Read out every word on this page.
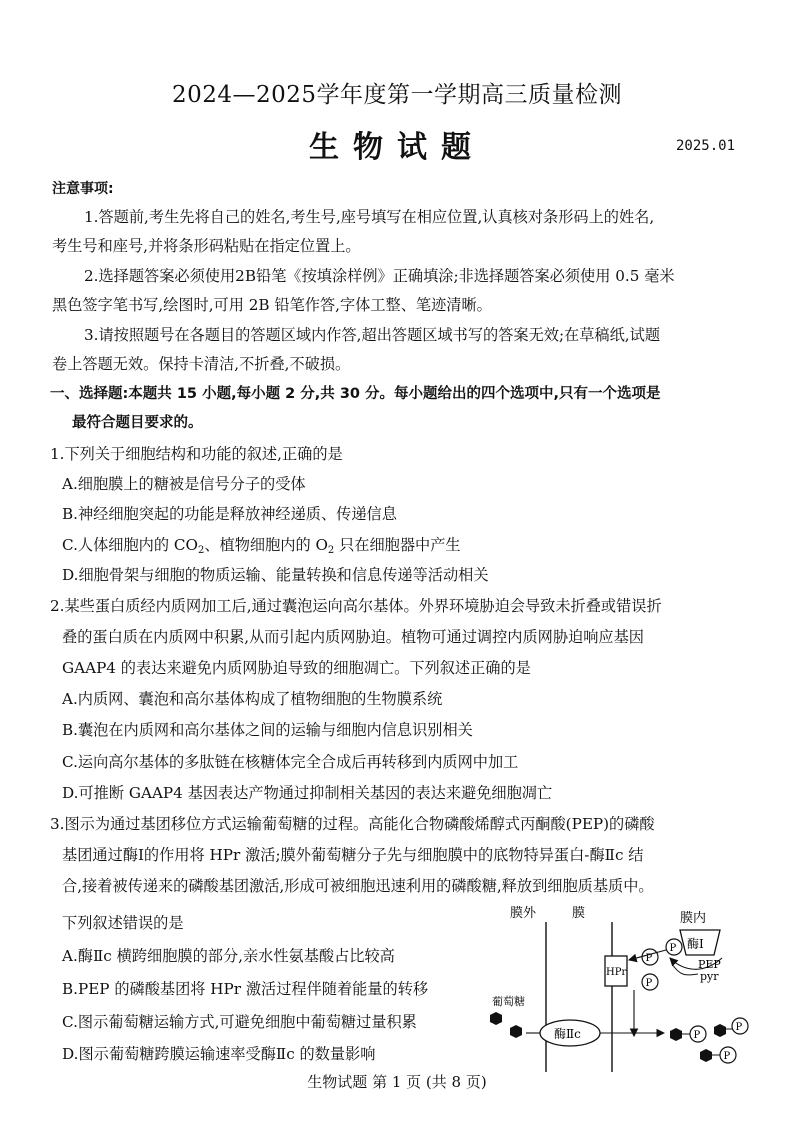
2024—2025学年度第一学期高三质量检测
生物试题	2025.01
注意事项:
1.答题前,考生先将自己的姓名,考生号,座号填写在相应位置,认真核对条形码上的姓名,
考生号和座号,并将条形码粘贴在指定位置上。
2.选择题答案必须使用2B铅笔《按填涂样例》正确填涂;非选择题答案必须使用 0.5 毫米
黑色签字笔书写,绘图时,可用 2B 铅笔作答,字体工整、笔迹清晰。
3.请按照题号在各题目的答题区域内作答,超出答题区域书写的答案无效;在草稿纸,试题
卷上答题无效。保持卡清洁,不折叠,不破损。
一、选择题:本题共 15 小题,每小题 2 分,共 30 分。每小题给出的四个选项中,只有一个选项是
最符合题目要求的。
1.下列关于细胞结构和功能的叙述,正确的是
A.细胞膜上的糖被是信号分子的受体
B.神经细胞突起的功能是释放神经递质、传递信息
C.人体细胞内的 $CO_2$、植物细胞内的 $O_2$ 只在细胞器中产生
D.细胞骨架与细胞的物质运输、能量转换和信息传递等活动相关
2.某些蛋白质经内质网加工后,通过囊泡运向高尔基体。外界环境胁迫会导致未折叠或错误折
叠的蛋白质在内质网中积累,从而引起内质网胁迫。植物可通过调控内质网胁迫响应基因
GAAP4 的表达来避免内质网胁迫导致的细胞凋亡。下列叙述正确的是
A.内质网、囊泡和高尔基体构成了植物细胞的生物膜系统
B.囊泡在内质网和高尔基体之间的运输与细胞内信息识别相关
C.运向高尔基体的多肽链在核糖体完全合成后再转移到内质网中加工
D.可推断 GAAP4 基因表达产物通过抑制相关基因的表达来避免细胞凋亡
3.图示为通过基团移位方式运输葡萄糖的过程。高能化合物磷酸烯醇式丙酮酸(PEP)的磷酸
基团通过酶Ⅰ的作用将 HPr 激活;膜外葡萄糖分子先与细胞膜中的底物特异蛋白-酶Ⅱc 结
合,接着被传递来的磷酸基团激活,形成可被细胞迅速利用的磷酸糖,释放到细胞质基质中。
下列叙述错误的是
A.酶Ⅱc 横跨细胞膜的部分,亲水性氨基酸占比较高
B.PEP 的磷酸基团将 HPr 激活过程伴随着能量的转移
C.图示葡萄糖运输方式,可避免细胞中葡萄糖过量积累
D.图示葡萄糖跨膜运输速率受酶Ⅱc 的数量影响
膜外	膜	膜内
酶Ⅰ
P
HPr
P
P
PEP
pyr
葡萄糖
酶Ⅱc	P
P
P
生物试题 第 1 页 (共 8 页)
